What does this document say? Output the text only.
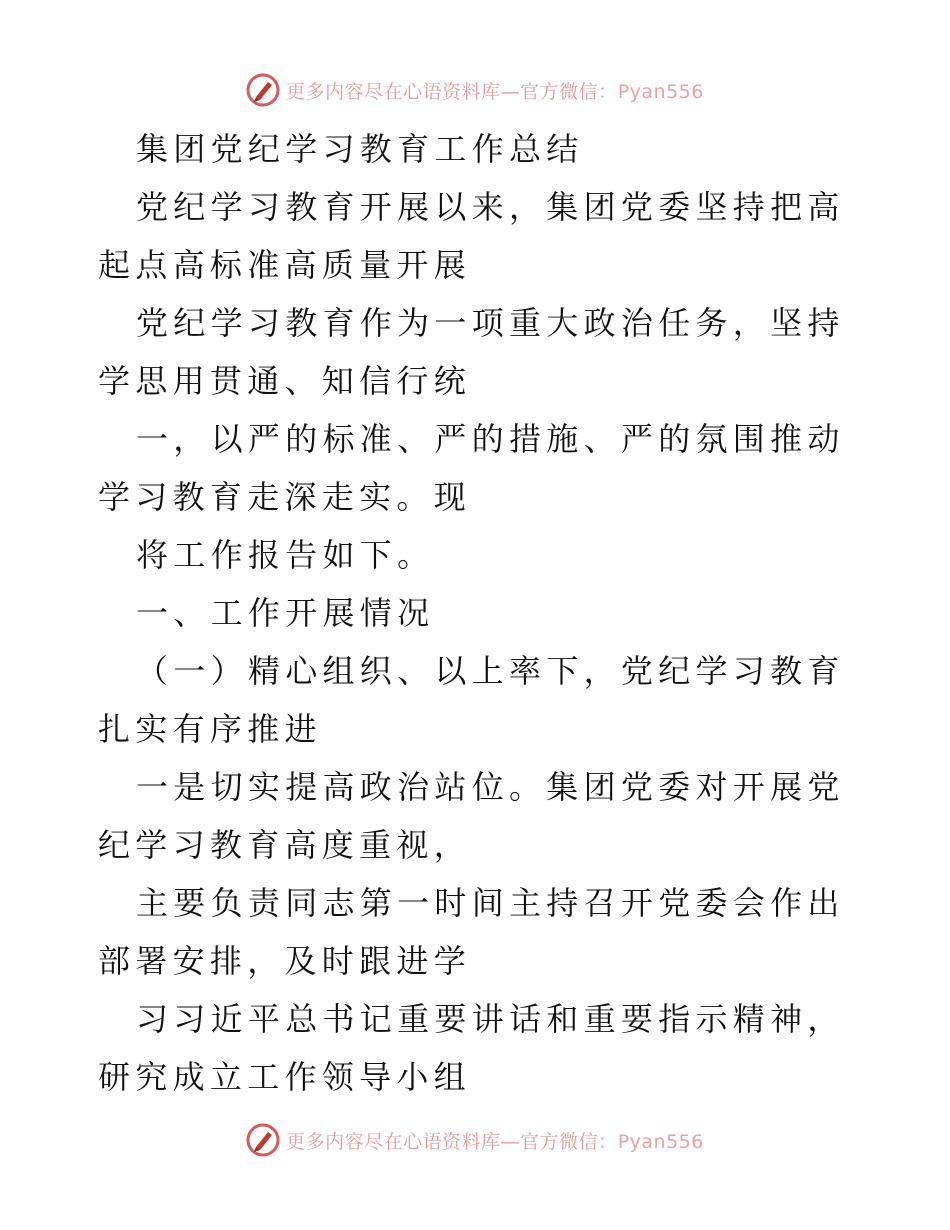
更多内容尽在心语资料库—官方微信：Pyan556

集团党纪学习教育工作总结

党纪学习教育开展以来，集团党委坚持把高起点高标准高质量开展

党纪学习教育作为一项重大政治任务，坚持学思用贯通、知信行统

一，以严的标准、严的措施、严的氛围推动学习教育走深走实。现

将工作报告如下。

一、工作开展情况

（一）精心组织、以上率下，党纪学习教育扎实有序推进

一是切实提高政治站位。集团党委对开展党纪学习教育高度重视，

主要负责同志第一时间主持召开党委会作出部署安排，及时跟进学

习习近平总书记重要讲话和重要指示精神，研究成立工作领导小组

更多内容尽在心语资料库—官方微信：Pyan556
